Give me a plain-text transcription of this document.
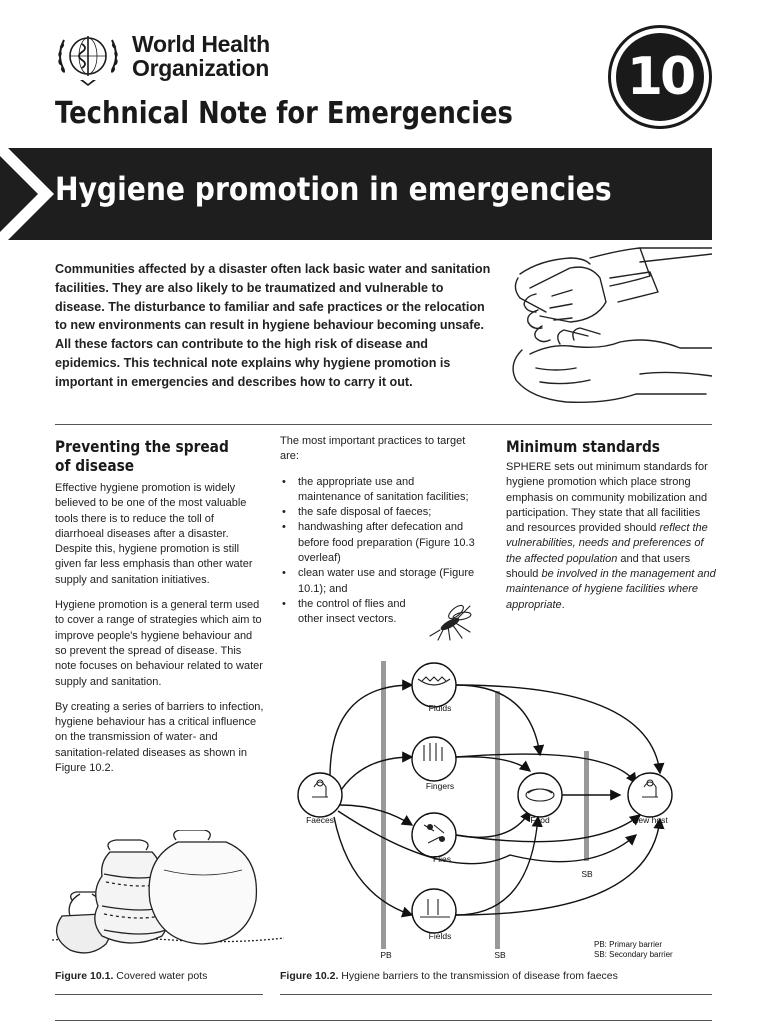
World Health
Organization	10
Technical Note for Emergencies
Hygiene promotion in emergencies
Communities affected by a disaster often lack basic water and sanitation facilities. They are also likely to be traumatized and vulnerable to disease. The disturbance to familiar and safe practices or the relocation to new environments can result in hygiene behaviour becoming unsafe. All these factors can contribute to the high risk of disease and epidemics. This technical note explains why hygiene promotion is important in emergencies and describes how to carry it out.
Preventing the spread
of disease

Effective hygiene promotion is widely believed to be one of the most valuable tools there is to reduce the toll of diarrhoeal diseases after a disaster. Despite this, hygiene promotion is still given far less emphasis than other water supply and sanitation initiatives.

Hygiene promotion is a general term used to cover a range of strategies which aim to improve people's hygiene behaviour and so prevent the spread of disease. This note focuses on behaviour related to water supply and sanitation.

By creating a series of barriers to infection, hygiene behaviour has a critical influence on the transmission of water- and sanitation-related diseases as shown in Figure 10.2.

The most important practices to target are:
• the appropriate use and maintenance of sanitation facilities;
• the safe disposal of faeces;
• handwashing after defecation and before food preparation (Figure 10.3 overleaf)
• clean water use and storage (Figure 10.1); and
• the control of flies and other insect vectors.
Minimum standards
SPHERE sets out minimum standards for hygiene promotion which place strong emphasis on community mobilization and participation. They state that all facilities and resources provided should reflect the vulnerabilities, needs and preferences of the affected population and that users should be involved in the management and maintenance of hygiene facilities where appropriate.
Faeces
Fluids
Fingers
Flies
Fields
Food	New host
PB	SB
SB
PB: Primary barrier
SB: Secondary barrier
Figure 10.1. Covered water pots	Figure 10.2. Hygiene barriers to the transmission of disease from faeces
